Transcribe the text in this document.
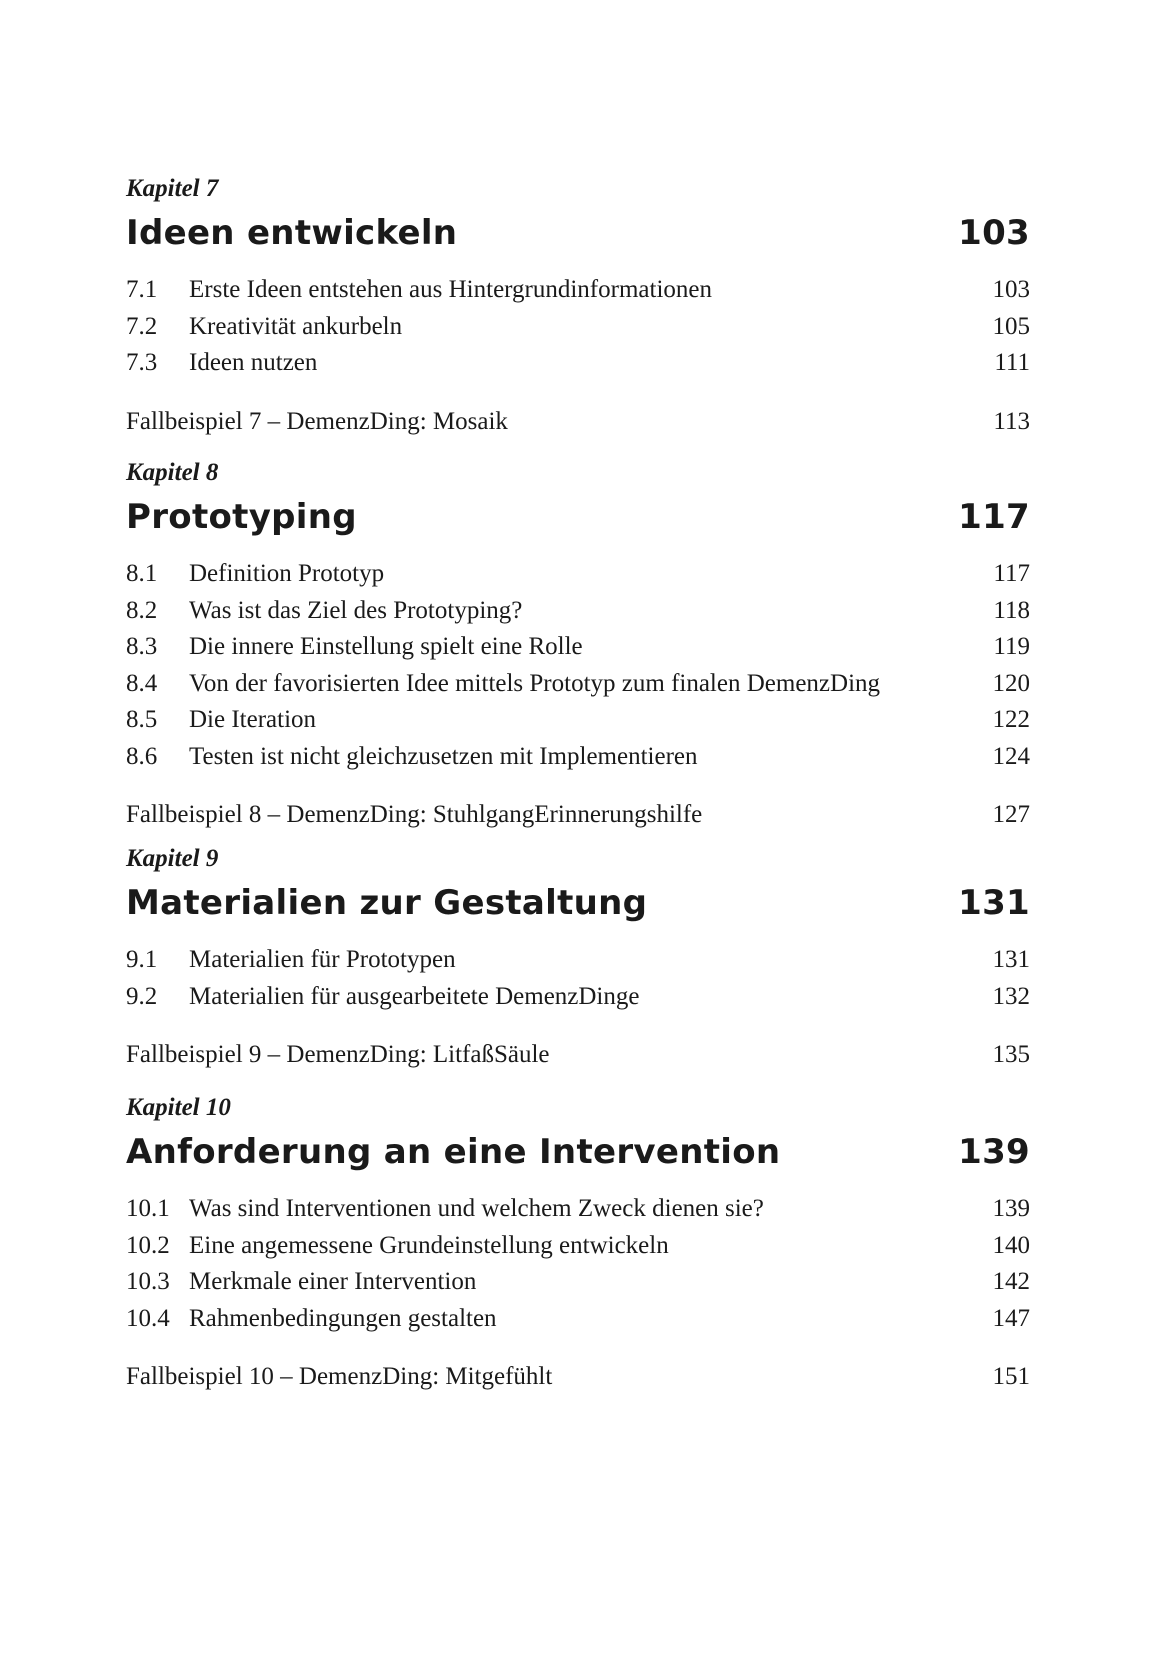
Kapitel 7
Ideen entwickeln	103
7.1	Erste Ideen entstehen aus Hintergrundinformationen	103
7.2	Kreativität ankurbeln	105
7.3	Ideen nutzen	111
Fallbeispiel 7 – DemenzDing: Mosaik	113
Kapitel 8
Prototyping	117
8.1	Definition Prototyp	117
8.2	Was ist das Ziel des Prototyping?	118
8.3	Die innere Einstellung spielt eine Rolle	119
8.4	Von der favorisierten Idee mittels Prototyp zum finalen DemenzDing	120
8.5	Die Iteration	122
8.6	Testen ist nicht gleichzusetzen mit Implementieren	124
Fallbeispiel 8 – DemenzDing: StuhlgangErinnerungshilfe	127
Kapitel 9
Materialien zur Gestaltung	131
9.1	Materialien für Prototypen	131
9.2	Materialien für ausgearbeitete DemenzDinge	132
Fallbeispiel 9 – DemenzDing: LitfaßSäule	135
Kapitel 10
Anforderung an eine Intervention	139
10.1 Was sind Interventionen und welchem Zweck dienen sie?	139
10.2 Eine angemessene Grundeinstellung entwickeln	140
10.3 Merkmale einer Intervention	142
10.4 Rahmenbedingungen gestalten	147
Fallbeispiel 10 – DemenzDing: Mitgefühlt	151
